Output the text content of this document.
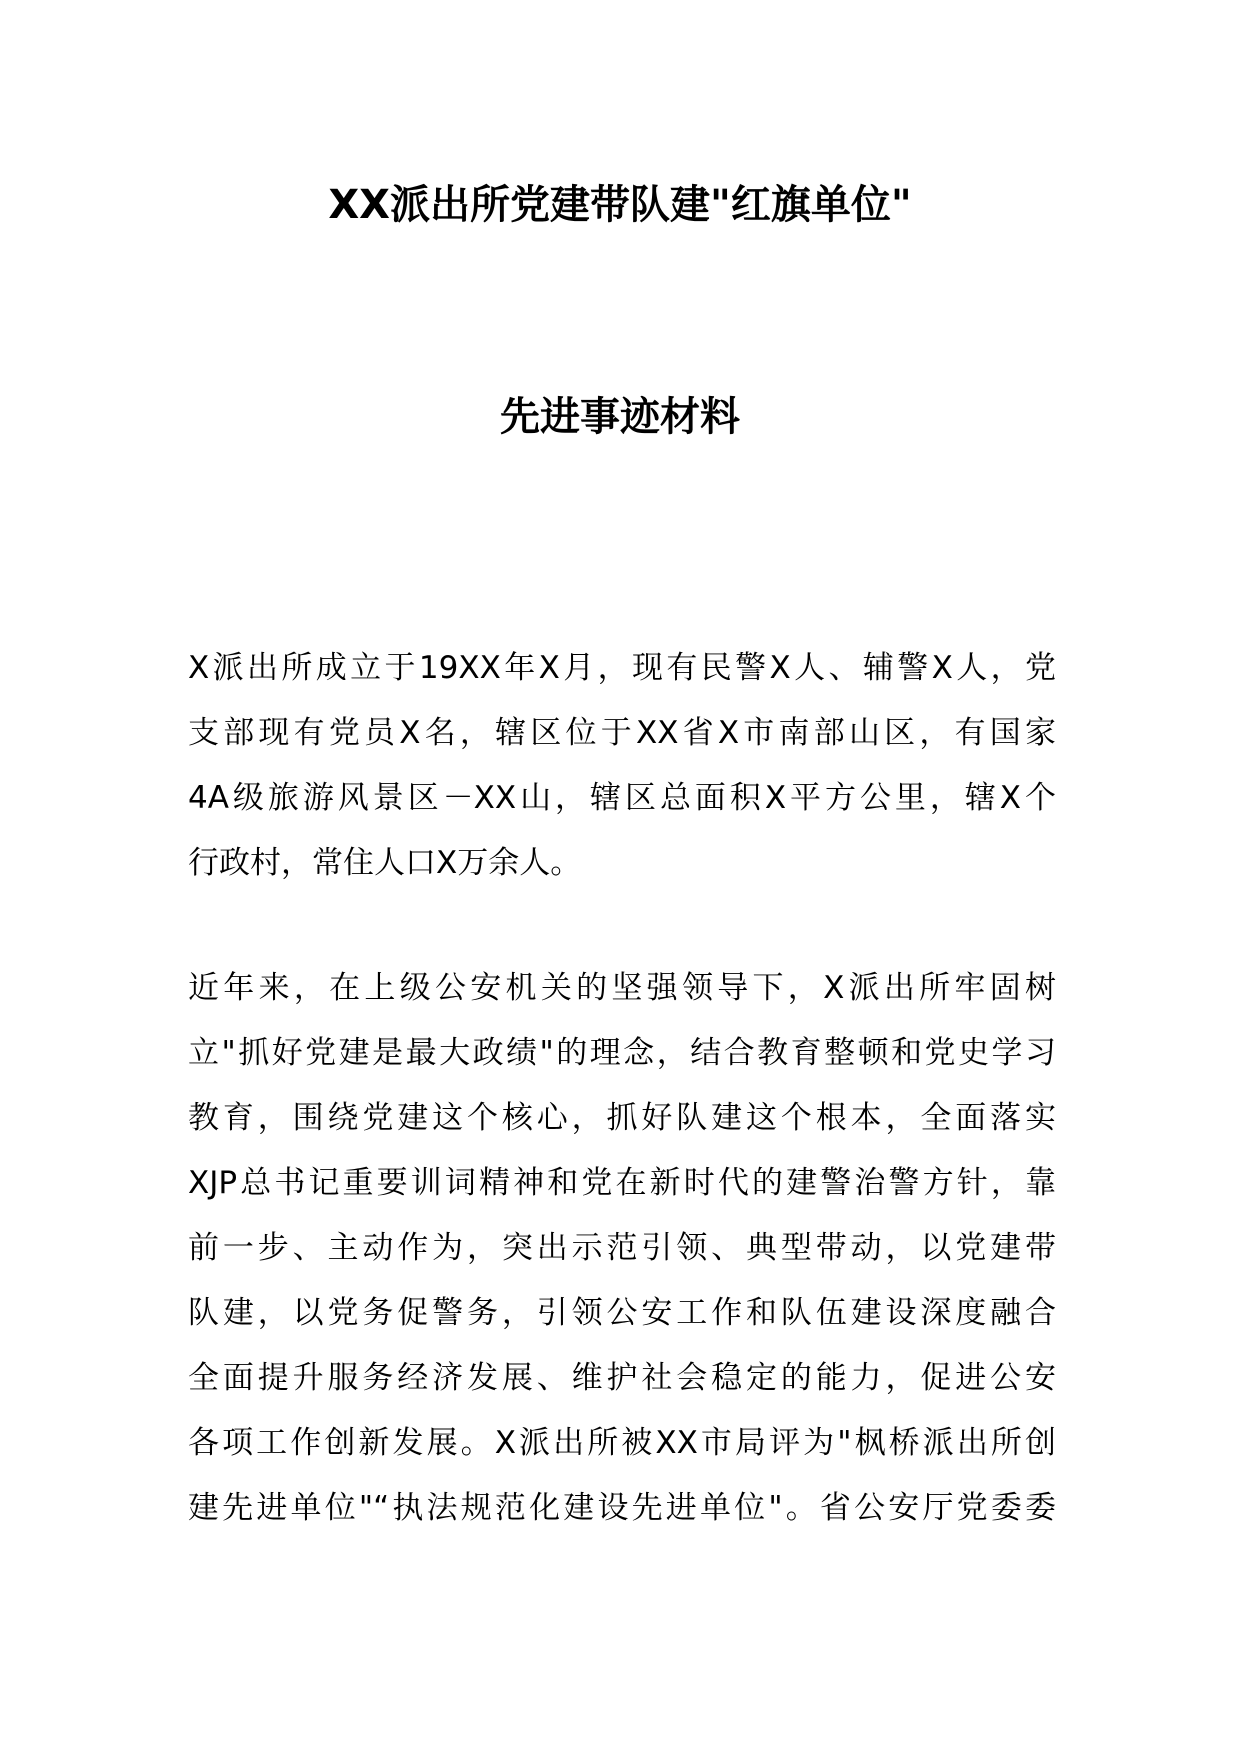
XX派出所党建带队建"红旗单位"
先进事迹材料
X派出所成立于19XX年X月，现有民警X人、辅警X人，党
支部现有党员X名，辖区位于XX省X市南部山区，有国家
4A级旅游风景区－XX山，辖区总面积X平方公里，辖X个
行政村，常住人口X万余人。
近年来，在上级公安机关的坚强领导下，X派出所牢固树
立"抓好党建是最大政绩"的理念，结合教育整顿和党史学习
教育，围绕党建这个核心，抓好队建这个根本，全面落实
XJP总书记重要训词精神和党在新时代的建警治警方针，靠
前一步、主动作为，突出示范引领、典型带动，以党建带
队建，以党务促警务，引领公安工作和队伍建设深度融合
全面提升服务经济发展、维护社会稳定的能力，促进公安
各项工作创新发展。X派出所被XX市局评为"枫桥派出所创
建先进单位"“执法规范化建设先进单位"。省公安厅党委委
